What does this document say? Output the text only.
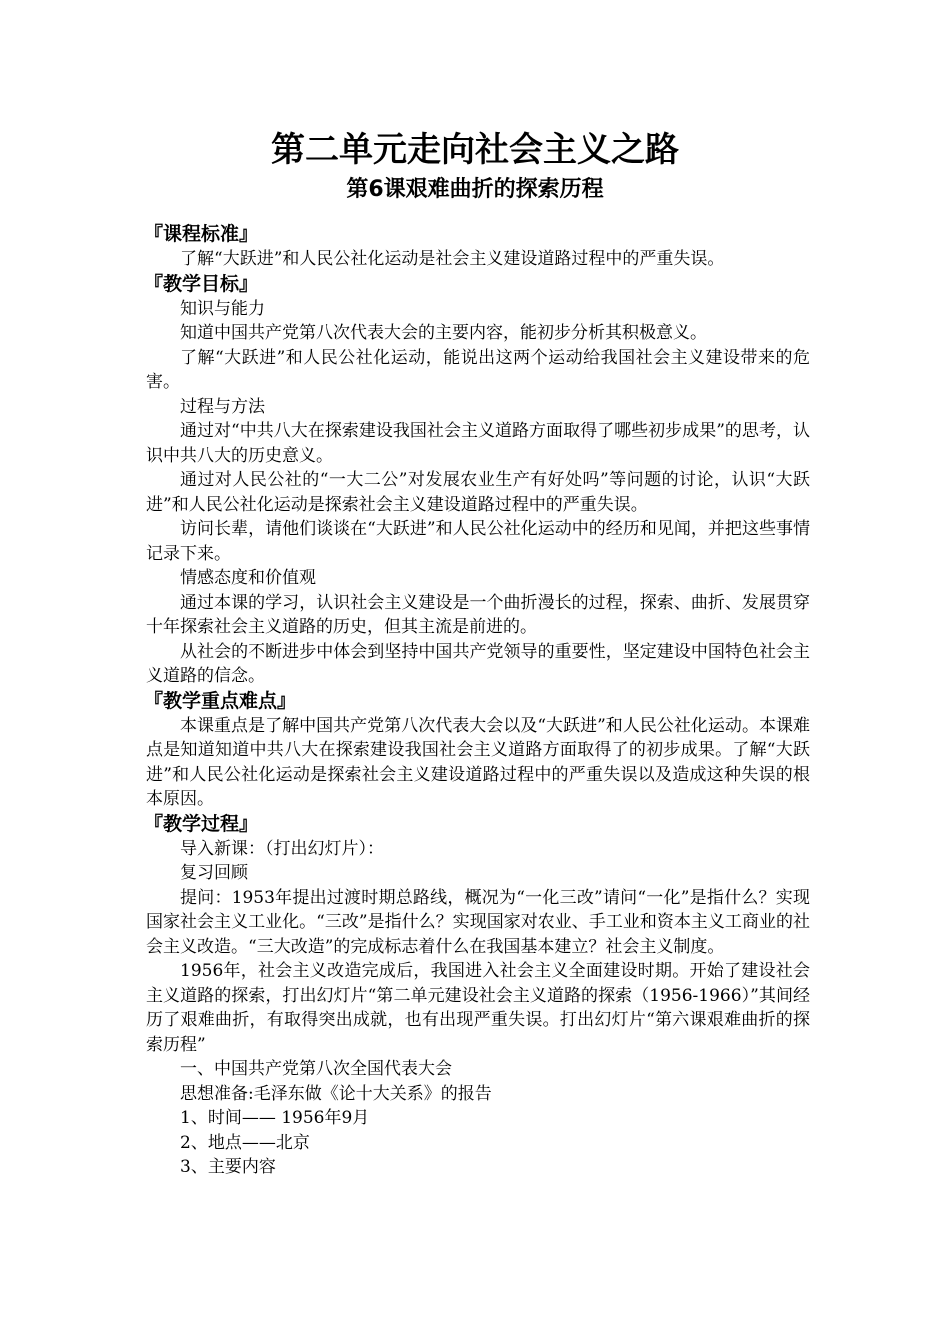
第二单元走向社会主义之路
第6课艰难曲折的探索历程
『课程标准』

了解“大跃进”和人民公社化运动是社会主义建设道路过程中的严重失误。

『教学目标』

知识与能力

知道中国共产党第八次代表大会的主要内容，能初步分析其积极意义。

了解“大跃进”和人民公社化运动，能说出这两个运动给我国社会主义建设带来的危害。

过程与方法

通过对“中共八大在探索建设我国社会主义道路方面取得了哪些初步成果”的思考，认识中共八大的历史意义。

通过对人民公社的“一大二公”对发展农业生产有好处吗”等问题的讨论，认识“大跃进”和人民公社化运动是探索社会主义建设道路过程中的严重失误。

访问长辈，请他们谈谈在“大跃进”和人民公社化运动中的经历和见闻，并把这些事情记录下来。

情感态度和价值观

通过本课的学习，认识社会主义建设是一个曲折漫长的过程，探索、曲折、发展贯穿十年探索社会主义道路的历史，但其主流是前进的。

从社会的不断进步中体会到坚持中国共产党领导的重要性，坚定建设中国特色社会主义道路的信念。

『教学重点难点』

本课重点是了解中国共产党第八次代表大会以及“大跃进”和人民公社化运动。本课难点是知道知道中共八大在探索建设我国社会主义道路方面取得了的初步成果。了解“大跃进”和人民公社化运动是探索社会主义建设道路过程中的严重失误以及造成这种失误的根本原因。

『教学过程』

导入新课：（打出幻灯片）：

复习回顾

提问：1953年提出过渡时期总路线，概况为“一化三改”请问“一化”是指什么？实现国家社会主义工业化。“三改”是指什么？实现国家对农业、手工业和资本主义工商业的社会主义改造。“三大改造”的完成标志着什么在我国基本建立？社会主义制度。

1956年，社会主义改造完成后，我国进入社会主义全面建设时期。开始了建设社会主义道路的探索，打出幻灯片“第二单元建设社会主义道路的探索（1956-1966）”其间经历了艰难曲折，有取得突出成就，也有出现严重失误。打出幻灯片“第六课艰难曲折的探索历程”

一、中国共产党第八次全国代表大会

思想准备:毛泽东做《论十大关系》的报告

1、时间—— 1956年9月

2、地点——北京

3、主要内容
